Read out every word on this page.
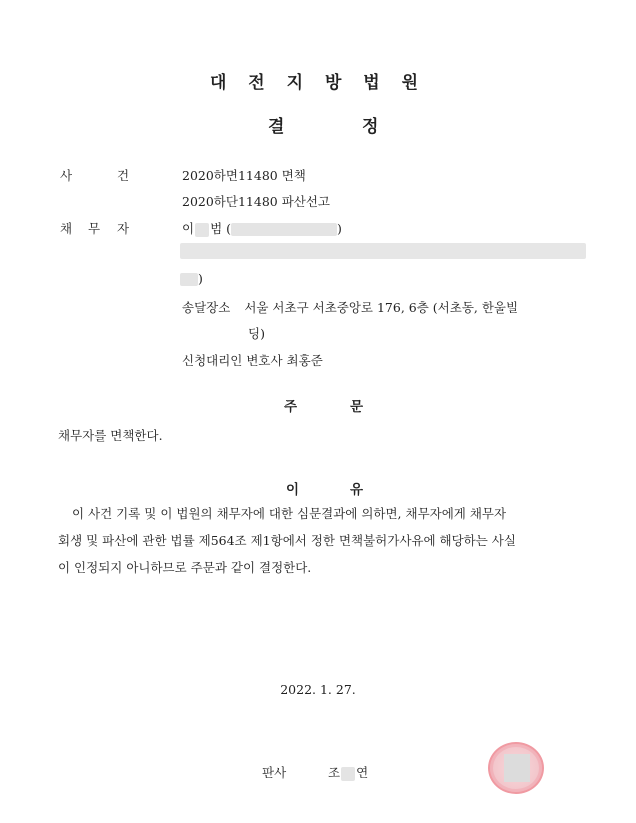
대 전 지 방 법 원
결	정
사	건	2020하면11480 면책
2020하단11480 파산선고
채 무 자	이 범 (	)
)
송달장소 서울 서초구 서초중앙로 176, 6층 (서초동, 한울빌
딩)
신청대리인 변호사 최홍준
주	문
채무자를 면책한다.
이	유
이 사건 기록 및 이 법원의 채무자에 대한 심문결과에 의하면, 채무자에게 채무자
회생 및 파산에 관한 법률 제564조 제1항에서 정한 면책불허가사유에 해당하는 사실
이 인정되지 아니하므로 주문과 같이 결정한다.
2022. 1. 27.
판사	조 연
